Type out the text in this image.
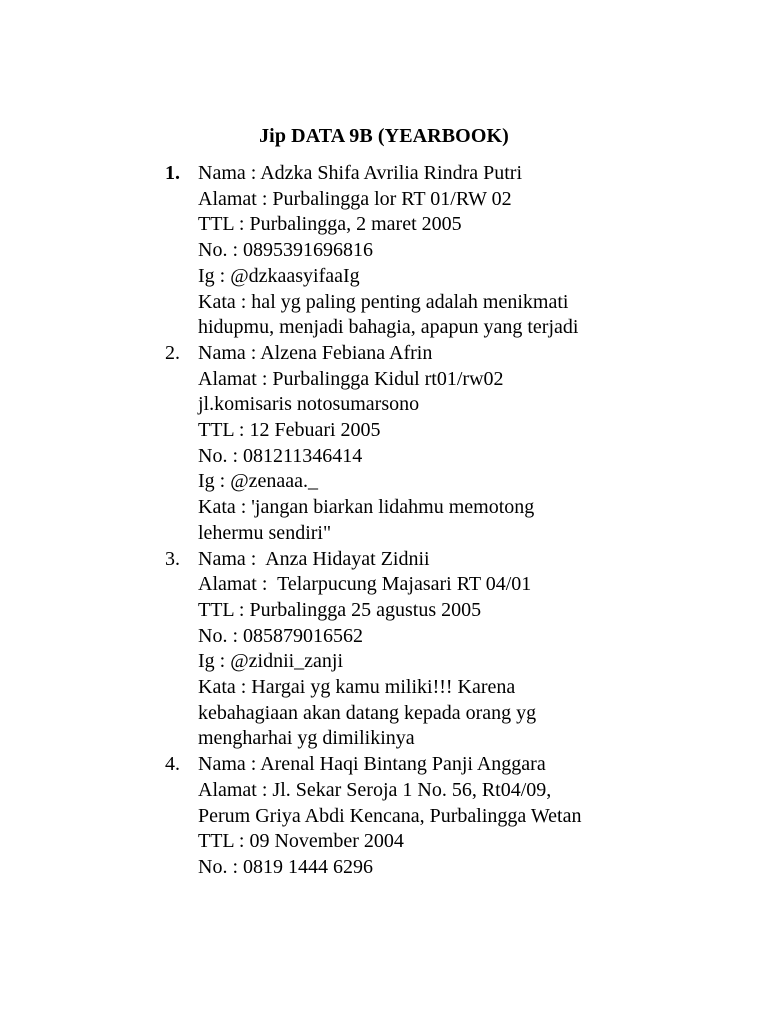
Jip DATA 9B (YEARBOOK)
1. Nama : Adzka Shifa Avrilia Rindra Putri
Alamat : Purbalingga lor RT 01/RW 02
TTL : Purbalingga, 2 maret 2005
No. : 0895391696816
Ig : @dzkaasyifaaIg
Kata : hal yg paling penting adalah menikmati
hidupmu, menjadi bahagia, apapun yang terjadi
2. Nama : Alzena Febiana Afrin
Alamat : Purbalingga Kidul rt01/rw02
jl.komisaris notosumarsono
TTL : 12 Febuari 2005
No. : 081211346414
Ig : @zenaaa._
Kata : 'jangan biarkan lidahmu memotong
lehermu sendiri"
3. Nama :  Anza Hidayat Zidnii
Alamat :  Telarpucung Majasari RT 04/01
TTL : Purbalingga 25 agustus 2005
No. : 085879016562
Ig : @zidnii_zanji
Kata : Hargai yg kamu miliki!!! Karena
kebahagiaan akan datang kepada orang yg
mengharhai yg dimilikinya
4. Nama : Arenal Haqi Bintang Panji Anggara
Alamat : Jl. Sekar Seroja 1 No. 56, Rt04/09,
Perum Griya Abdi Kencana, Purbalingga Wetan
TTL : 09 November 2004
No. : 0819 1444 6296
